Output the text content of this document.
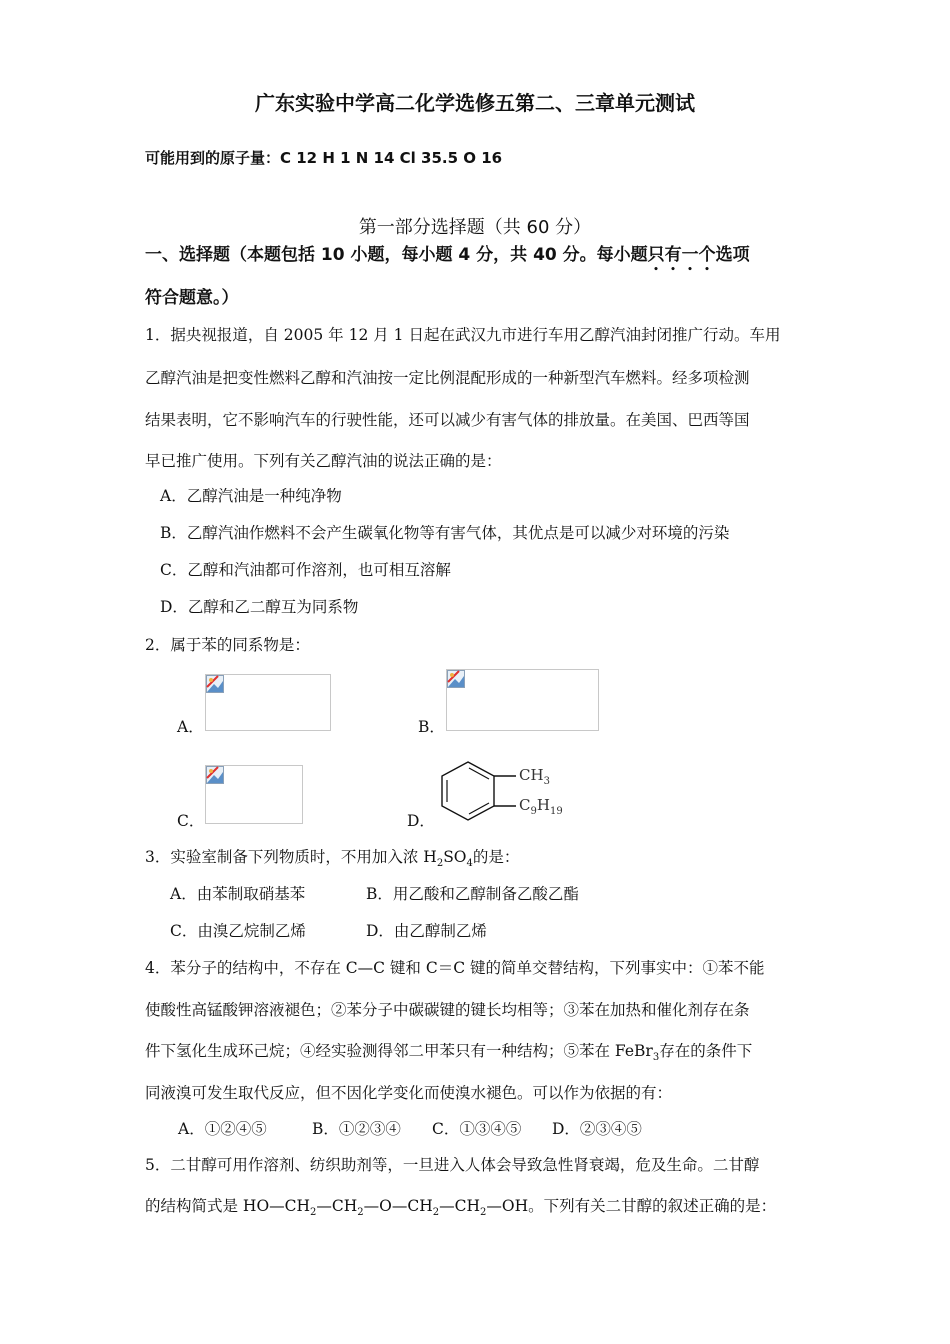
广东实验中学高二化学选修五第二、三章单元测试
可能用到的原子量：C 12 H 1 N 14 Cl 35.5 O 16
第一部分选择题（共 60 分）
一、选择题（本题包括 10 小题，每小题 4 分，共 40 分。每小题只有一个选项
符合题意。）
1．据央视报道，自 2005 年 12 月 1 日起在武汉九市进行车用乙醇汽油封闭推广行动。车用
乙醇汽油是把变性燃料乙醇和汽油按一定比例混配形成的一种新型汽车燃料。经多项检测
结果表明，它不影响汽车的行驶性能，还可以减少有害气体的排放量。在美国、巴西等国
早已推广使用。下列有关乙醇汽油的说法正确的是：
A．乙醇汽油是一种纯净物
B．乙醇汽油作燃料不会产生碳氧化物等有害气体，其优点是可以减少对环境的污染
C．乙醇和汽油都可作溶剂，也可相互溶解
D．乙醇和乙二醇互为同系物
2．属于苯的同系物是：
A．	B．
C．	D．
$CH_3$
$C_9H_{19}$
3．实验室制备下列物质时，不用加入浓 $H_2SO_4$的是：
A．由苯制取硝基苯	B．用乙酸和乙醇制备乙酸乙酯
C．由溴乙烷制乙烯	D．由乙醇制乙烯
4．苯分子的结构中，不存在 C—C 键和 C＝C 键的简单交替结构，下列事实中：①苯不能
使酸性高锰酸钾溶液褪色；②苯分子中碳碳键的键长均相等；③苯在加热和催化剂存在条
件下氢化生成环己烷；④经实验测得邻二甲苯只有一种结构；⑤苯在 FeBr$_3$存在的条件下
同液溴可发生取代反应，但不因化学变化而使溴水褪色。可以作为依据的有：
A．①②④⑤	B．①②③④ C．①③④⑤ D．②③④⑤
5．二甘醇可用作溶剂、纺织助剂等，一旦进入人体会导致急性肾衰竭，危及生命。二甘醇
的结构简式是 $HO—CH_2—CH_2—O—CH_2—CH_2—OH$。下列有关二甘醇的叙述正确的是：
